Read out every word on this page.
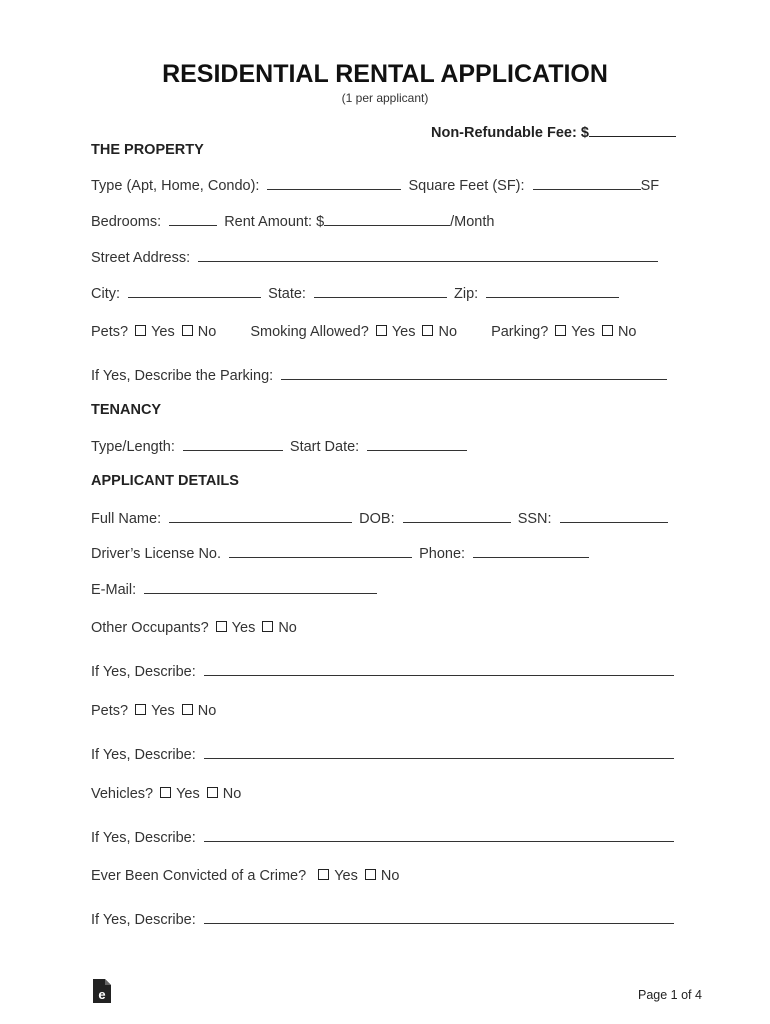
RESIDENTIAL RENTAL APPLICATION
(1 per applicant)
Non-Refundable Fee: $
THE PROPERTY
Type (Apt, Home, Condo):	Square Feet (SF):	SF
Bedrooms:	Rent Amount: $	/Month
Street Address:
City:	State:	Zip:
Pets? Yes No Smoking Allowed? Yes No Parking? Yes No
If Yes, Describe the Parking:
TENANCY
Type/Length:	Start Date:
APPLICANT DETAILS
Full Name:	DOB:	SSN:
Driver’s License No.	Phone:
E-Mail:
Other Occupants? Yes No
If Yes, Describe:
Pets? Yes No
If Yes, Describe:
Vehicles? Yes No
If Yes, Describe:
Ever Been Convicted of a Crime? Yes No
If Yes, Describe:
e	Page 1 of 4
